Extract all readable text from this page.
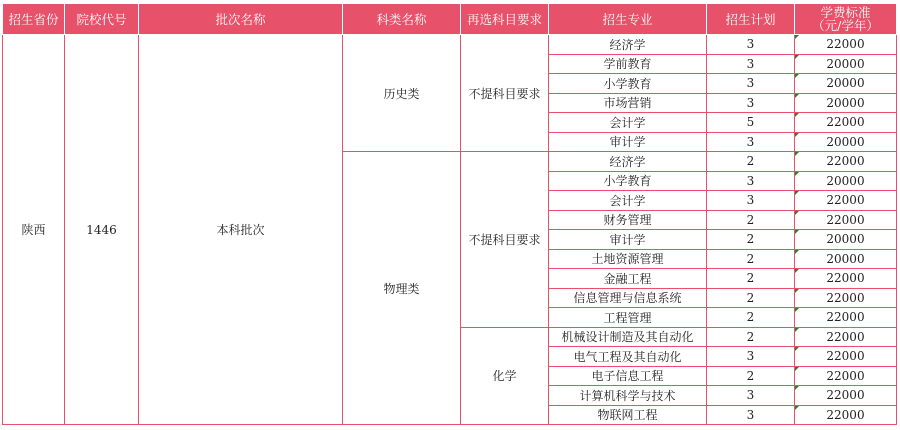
招生省份	院校代号	批次名称	科类名称	再选科目要求	招生专业	招生计划	学费标准
（元/学年）

陕西	1446	本科批次	历史类	不提科目要求	经济学	3	22000
					学前教育	3	20000
					小学教育	3	20000
					市场营销	3	20000
					会计学	5	22000
					审计学	3	20000
			物理类	不提科目要求	经济学	2	22000
					小学教育	3	20000
					会计学	3	22000
					财务管理	2	22000
					审计学	2	20000
					土地资源管理	2	20000
					金融工程	2	22000
					信息管理与信息系统	2	22000
					工程管理	2	22000
				化学	机械设计制造及其自动化	2	22000
					电气工程及其自动化	3	22000
					电子信息工程	2	22000
					计算机科学与技术	3	22000
					物联网工程	3	22000
